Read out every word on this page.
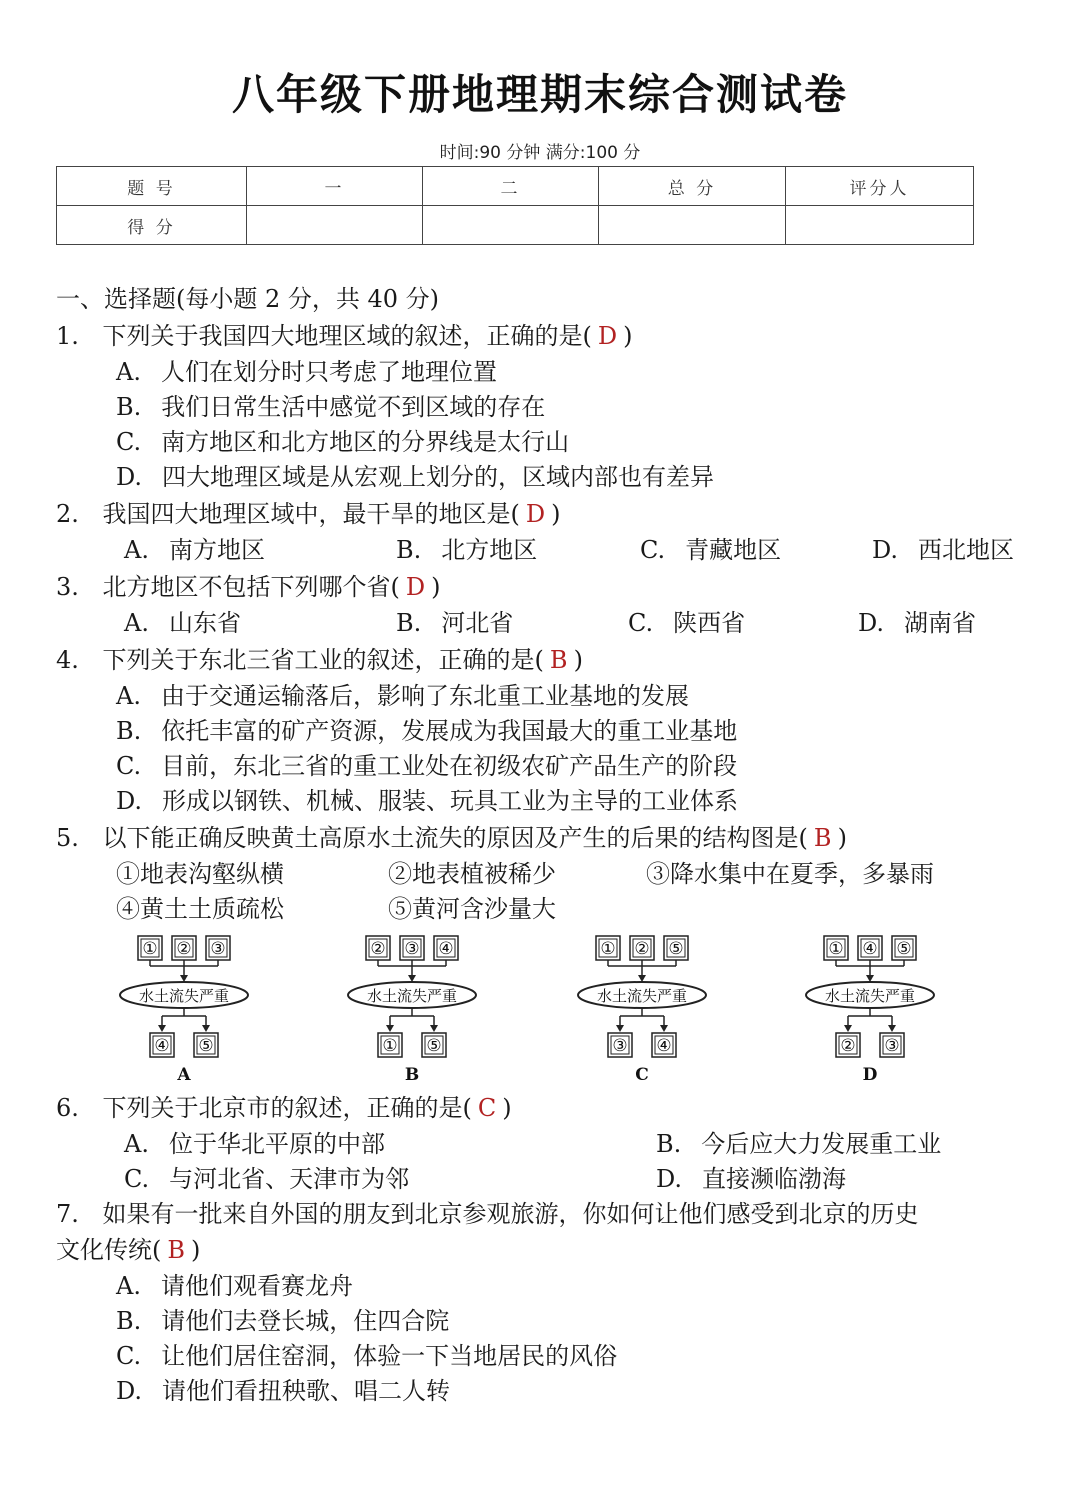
八年级下册地理期末综合测试卷
时间:90 分钟 满分:100 分
题 号	一	二	总 分	评分人
得 分				
一、选择题(每小题 2 分，共 40 分)
1. 下列关于我国四大地理区域的叙述，正确的是( D )
A. 人们在划分时只考虑了地理位置
B. 我们日常生活中感觉不到区域的存在
C. 南方地区和北方地区的分界线是太行山
D. 四大地理区域是从宏观上划分的，区域内部也有差异
2. 我国四大地理区域中，最干旱的地区是( D )
A. 南方地区	B. 北方地区	C. 青藏地区	D. 西北地区
3. 北方地区不包括下列哪个省( D )
A. 山东省	B. 河北省	C. 陕西省	D. 湖南省
4. 下列关于东北三省工业的叙述，正确的是( B )
A. 由于交通运输落后，影响了东北重工业基地的发展
B. 依托丰富的矿产资源，发展成为我国最大的重工业基地
C. 目前，东北三省的重工业处在初级农矿产品生产的阶段
D. 形成以钢铁、机械、服装、玩具工业为主导的工业体系
5. 以下能正确反映黄土高原水土流失的原因及产生的后果的结构图是( B )
①地表沟壑纵横	②地表植被稀少	③降水集中在夏季，多暴雨
④黄土土质疏松	⑤黄河含沙量大
① ② ③
水土流失严重
④ ⑤
A
② ③ ④
水土流失严重
① ⑤
B
① ② ⑤
水土流失严重
③ ④
C
① ④ ⑤
水土流失严重
② ③
D
6. 下列关于北京市的叙述，正确的是( C )
A. 位于华北平原的中部	B. 今后应大力发展重工业
C. 与河北省、天津市为邻	D. 直接濒临渤海
7. 如果有一批来自外国的朋友到北京参观旅游，你如何让他们感受到北京的历史
文化传统( B )
A. 请他们观看赛龙舟
B. 请他们去登长城，住四合院
C. 让他们居住窑洞，体验一下当地居民的风俗
D. 请他们看扭秧歌、唱二人转
